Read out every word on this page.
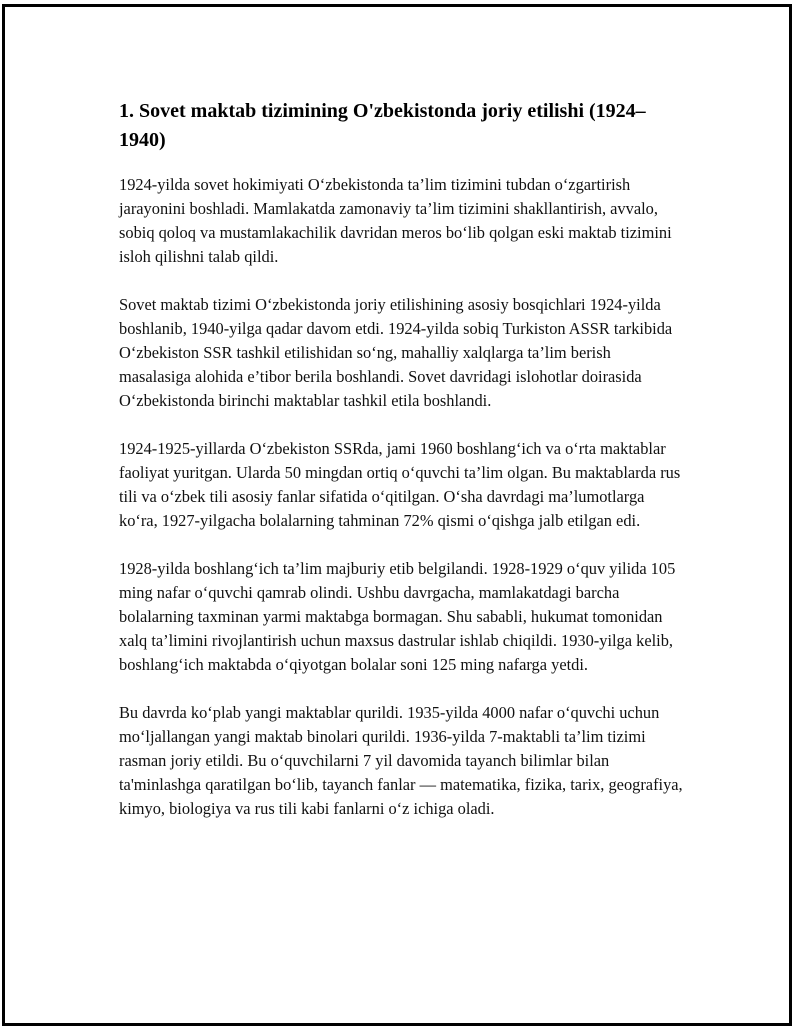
1. Sovet maktab tizimining O'zbekistonda joriy etilishi (1924–1940)

1924-yilda sovet hokimiyati O‘zbekistonda ta’lim tizimini tubdan o‘zgartirish jarayonini boshladi. Mamlakatda zamonaviy ta’lim tizimini shakllantirish, avvalo, sobiq qoloq va mustamlakachilik davridan meros bo‘lib qolgan eski maktab tizimini isloh qilishni talab qildi.

Sovet maktab tizimi O‘zbekistonda joriy etilishining asosiy bosqichlari 1924-yilda boshlanib, 1940-yilga qadar davom etdi. 1924-yilda sobiq Turkiston ASSR tarkibida O‘zbekiston SSR tashkil etilishidan so‘ng, mahalliy xalqlarga ta’lim berish masalasiga alohida e’tibor berila boshlandi. Sovet davridagi islohotlar doirasida O‘zbekistonda birinchi maktablar tashkil etila boshlandi.

1924-1925-yillarda O‘zbekiston SSRda, jami 1960 boshlang‘ich va o‘rta maktablar faoliyat yuritgan. Ularda 50 mingdan ortiq o‘quvchi ta’lim olgan. Bu maktablarda rus tili va o‘zbek tili asosiy fanlar sifatida o‘qitilgan. O‘sha davrdagi ma’lumotlarga ko‘ra, 1927-yilgacha bolalarning tahminan 72% qismi o‘qishga jalb etilgan edi.

1928-yilda boshlang‘ich ta’lim majburiy etib belgilandi. 1928-1929 o‘quv yilida 105 ming nafar o‘quvchi qamrab olindi. Ushbu davrgacha, mamlakatdagi barcha bolalarning taxminan yarmi maktabga bormagan. Shu sababli, hukumat tomonidan xalq ta’limini rivojlantirish uchun maxsus dastrular ishlab chiqildi. 1930-yilga kelib, boshlang‘ich maktabda o‘qiyotgan bolalar soni 125 ming nafarga yetdi.

Bu davrda ko‘plab yangi maktablar qurildi. 1935-yilda 4000 nafar o‘quvchi uchun mo‘ljallangan yangi maktab binolari qurildi. 1936-yilda 7-maktabli ta’lim tizimi rasman joriy etildi. Bu o‘quvchilarni 7 yil davomida tayanch bilimlar bilan ta'minlashga qaratilgan bo‘lib, tayanch fanlar — matematika, fizika, tarix, geografiya, kimyo, biologiya va rus tili kabi fanlarni o‘z ichiga oladi.
